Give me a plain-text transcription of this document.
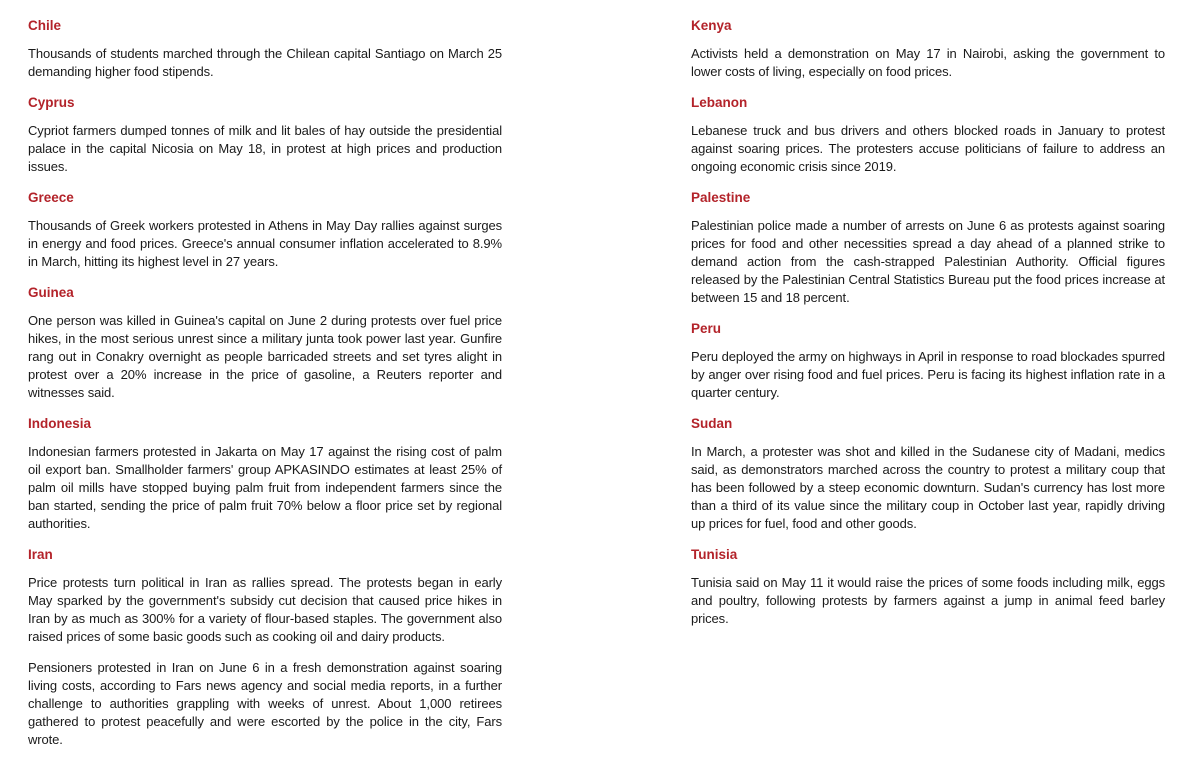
Chile

Thousands of students marched through the Chilean capital Santiago on March 25 demanding higher food stipends.

Cyprus

Cypriot farmers dumped tonnes of milk and lit bales of hay outside the presidential palace in the capital Nicosia on May 18, in protest at high prices and production issues.

Greece

Thousands of Greek workers protested in Athens in May Day rallies against surges in energy and food prices. Greece's annual consumer inflation accelerated to 8.9% in March, hitting its highest level in 27 years.

Guinea

One person was killed in Guinea's capital on June 2 during protests over fuel price hikes, in the most serious unrest since a military junta took power last year. Gunfire rang out in Conakry overnight as people barricaded streets and set tyres alight in protest over a 20% increase in the price of gasoline, a Reuters reporter and witnesses said.

Indonesia

Indonesian farmers protested in Jakarta on May 17 against the rising cost of palm oil export ban. Smallholder farmers' group APKASINDO estimates at least 25% of palm oil mills have stopped buying palm fruit from independent farmers since the ban started, sending the price of palm fruit 70% below a floor price set by regional authorities.

Iran

Price protests turn political in Iran as rallies spread. The protests began in early May sparked by the government's subsidy cut decision that caused price hikes in Iran by as much as 300% for a variety of flour-based staples. The government also raised prices of some basic goods such as cooking oil and dairy products.

Pensioners protested in Iran on June 6 in a fresh demonstration against soaring living costs, according to Fars news agency and social media reports, in a further challenge to authorities grappling with weeks of unrest. About 1,000 retirees gathered to protest peacefully and were escorted by the police in the city, Fars wrote.

Kenya

Activists held a demonstration on May 17 in Nairobi, asking the government to lower costs of living, especially on food prices.

Lebanon

Lebanese truck and bus drivers and others blocked roads in January to protest against soaring prices. The protesters accuse politicians of failure to address an ongoing economic crisis since 2019.

Palestine

Palestinian police made a number of arrests on June 6 as protests against soaring prices for food and other necessities spread a day ahead of a planned strike to demand action from the cash-strapped Palestinian Authority. Official figures released by the Palestinian Central Statistics Bureau put the food prices increase at between 15 and 18 percent.

Peru

Peru deployed the army on highways in April in response to road blockades spurred by anger over rising food and fuel prices. Peru is facing its highest inflation rate in a quarter century.

Sudan

In March, a protester was shot and killed in the Sudanese city of Madani, medics said, as demonstrators marched across the country to protest a military coup that has been followed by a steep economic downturn. Sudan's currency has lost more than a third of its value since the military coup in October last year, rapidly driving up prices for fuel, food and other goods.

Tunisia

Tunisia said on May 11 it would raise the prices of some foods including milk, eggs and poultry, following protests by farmers against a jump in animal feed barley prices.
